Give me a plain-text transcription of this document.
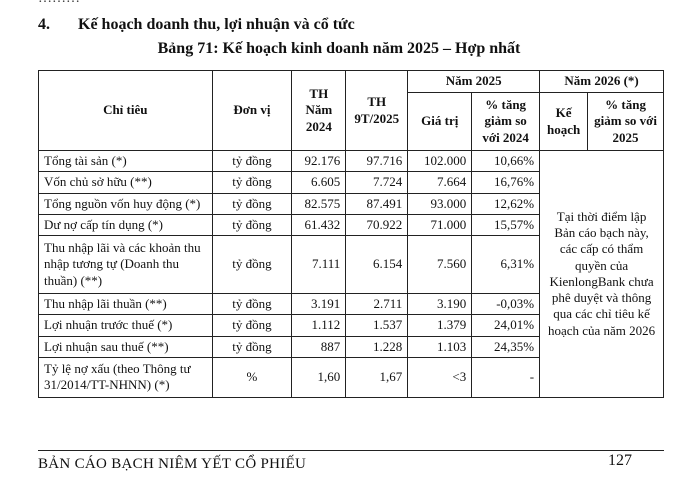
4. Kế hoạch doanh thu, lợi nhuận và cổ tức
Bảng 71: Kế hoạch kinh doanh năm 2025 – Hợp nhất
Chỉ tiêu	Đơn vị	TH Năm 2024	TH 9T/2025	Năm 2025		Năm 2026 (*)	
				Giá trị	% tăng giảm so với 2024	Kế hoạch	% tăng giảm so với 2025
Tổng tài sản (*)	tỷ đồng	92.176	97.716	102.000	10,66%	Tại thời điểm lập Bản cáo bạch này, các cấp có thẩm quyền của KienlongBank chưa phê duyệt và thông qua các chỉ tiêu kế hoạch của năm 2026	
Vốn chủ sở hữu (**)	tỷ đồng	6.605	7.724	7.664	16,76%		
Tổng nguồn vốn huy động (*)	tỷ đồng	82.575	87.491	93.000	12,62%		
Dư nợ cấp tín dụng (*)	tỷ đồng	61.432	70.922	71.000	15,57%		
Thu nhập lãi và các khoản thu nhập tương tự (Doanh thu thuần) (**)	tỷ đồng	7.111	6.154	7.560	6,31%		
Thu nhập lãi thuần (**)	tỷ đồng	3.191	2.711	3.190	-0,03%		
Lợi nhuận trước thuế (*)	tỷ đồng	1.112	1.537	1.379	24,01%		
Lợi nhuận sau thuế (**)	tỷ đồng	887	1.228	1.103	24,35%		
Tỷ lệ nợ xấu (theo Thông tư 31/2014/TT-NHNN) (*)	%	1,60	1,67	<3	-		
BẢN CÁO BẠCH NIÊM YẾT CỔ PHIẾU	127
